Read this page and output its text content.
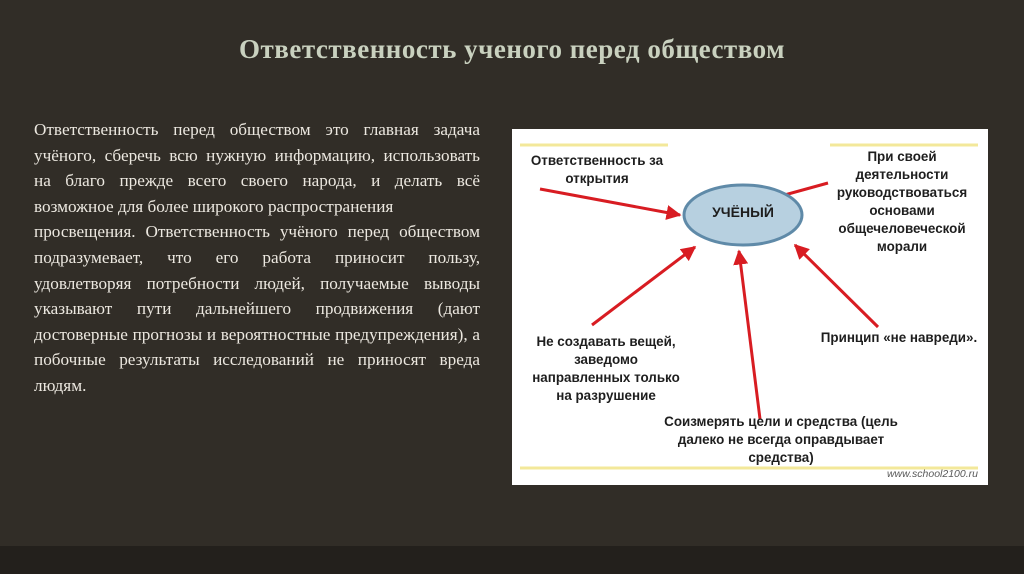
Ответственность ученого перед обществом

Ответственность перед обществом это главная задача учёного, сберечь всю нужную информацию, использовать на благо прежде всего своего народа, и делать всё возможное для более широкого распространения

просвещения. Ответственность учёного перед обществом подразумевает, что его работа приносит пользу, удовлетворяя потребности людей, получаемые выводы указывают пути дальнейшего продвижения (дают достоверные прогнозы и вероятностные предупреждения), а побочные результаты исследований не приносят вреда людям.

УЧЁНЫЙ
Ответственность за открытия
При своей деятельности руководствоваться основами общечеловеческой морали
Принцип «не навреди».
Не создавать вещей, заведомо направленных только на разрушение
Соизмерять цели и средства (цель далеко не всегда оправдывает средства)
www.school2100.ru
